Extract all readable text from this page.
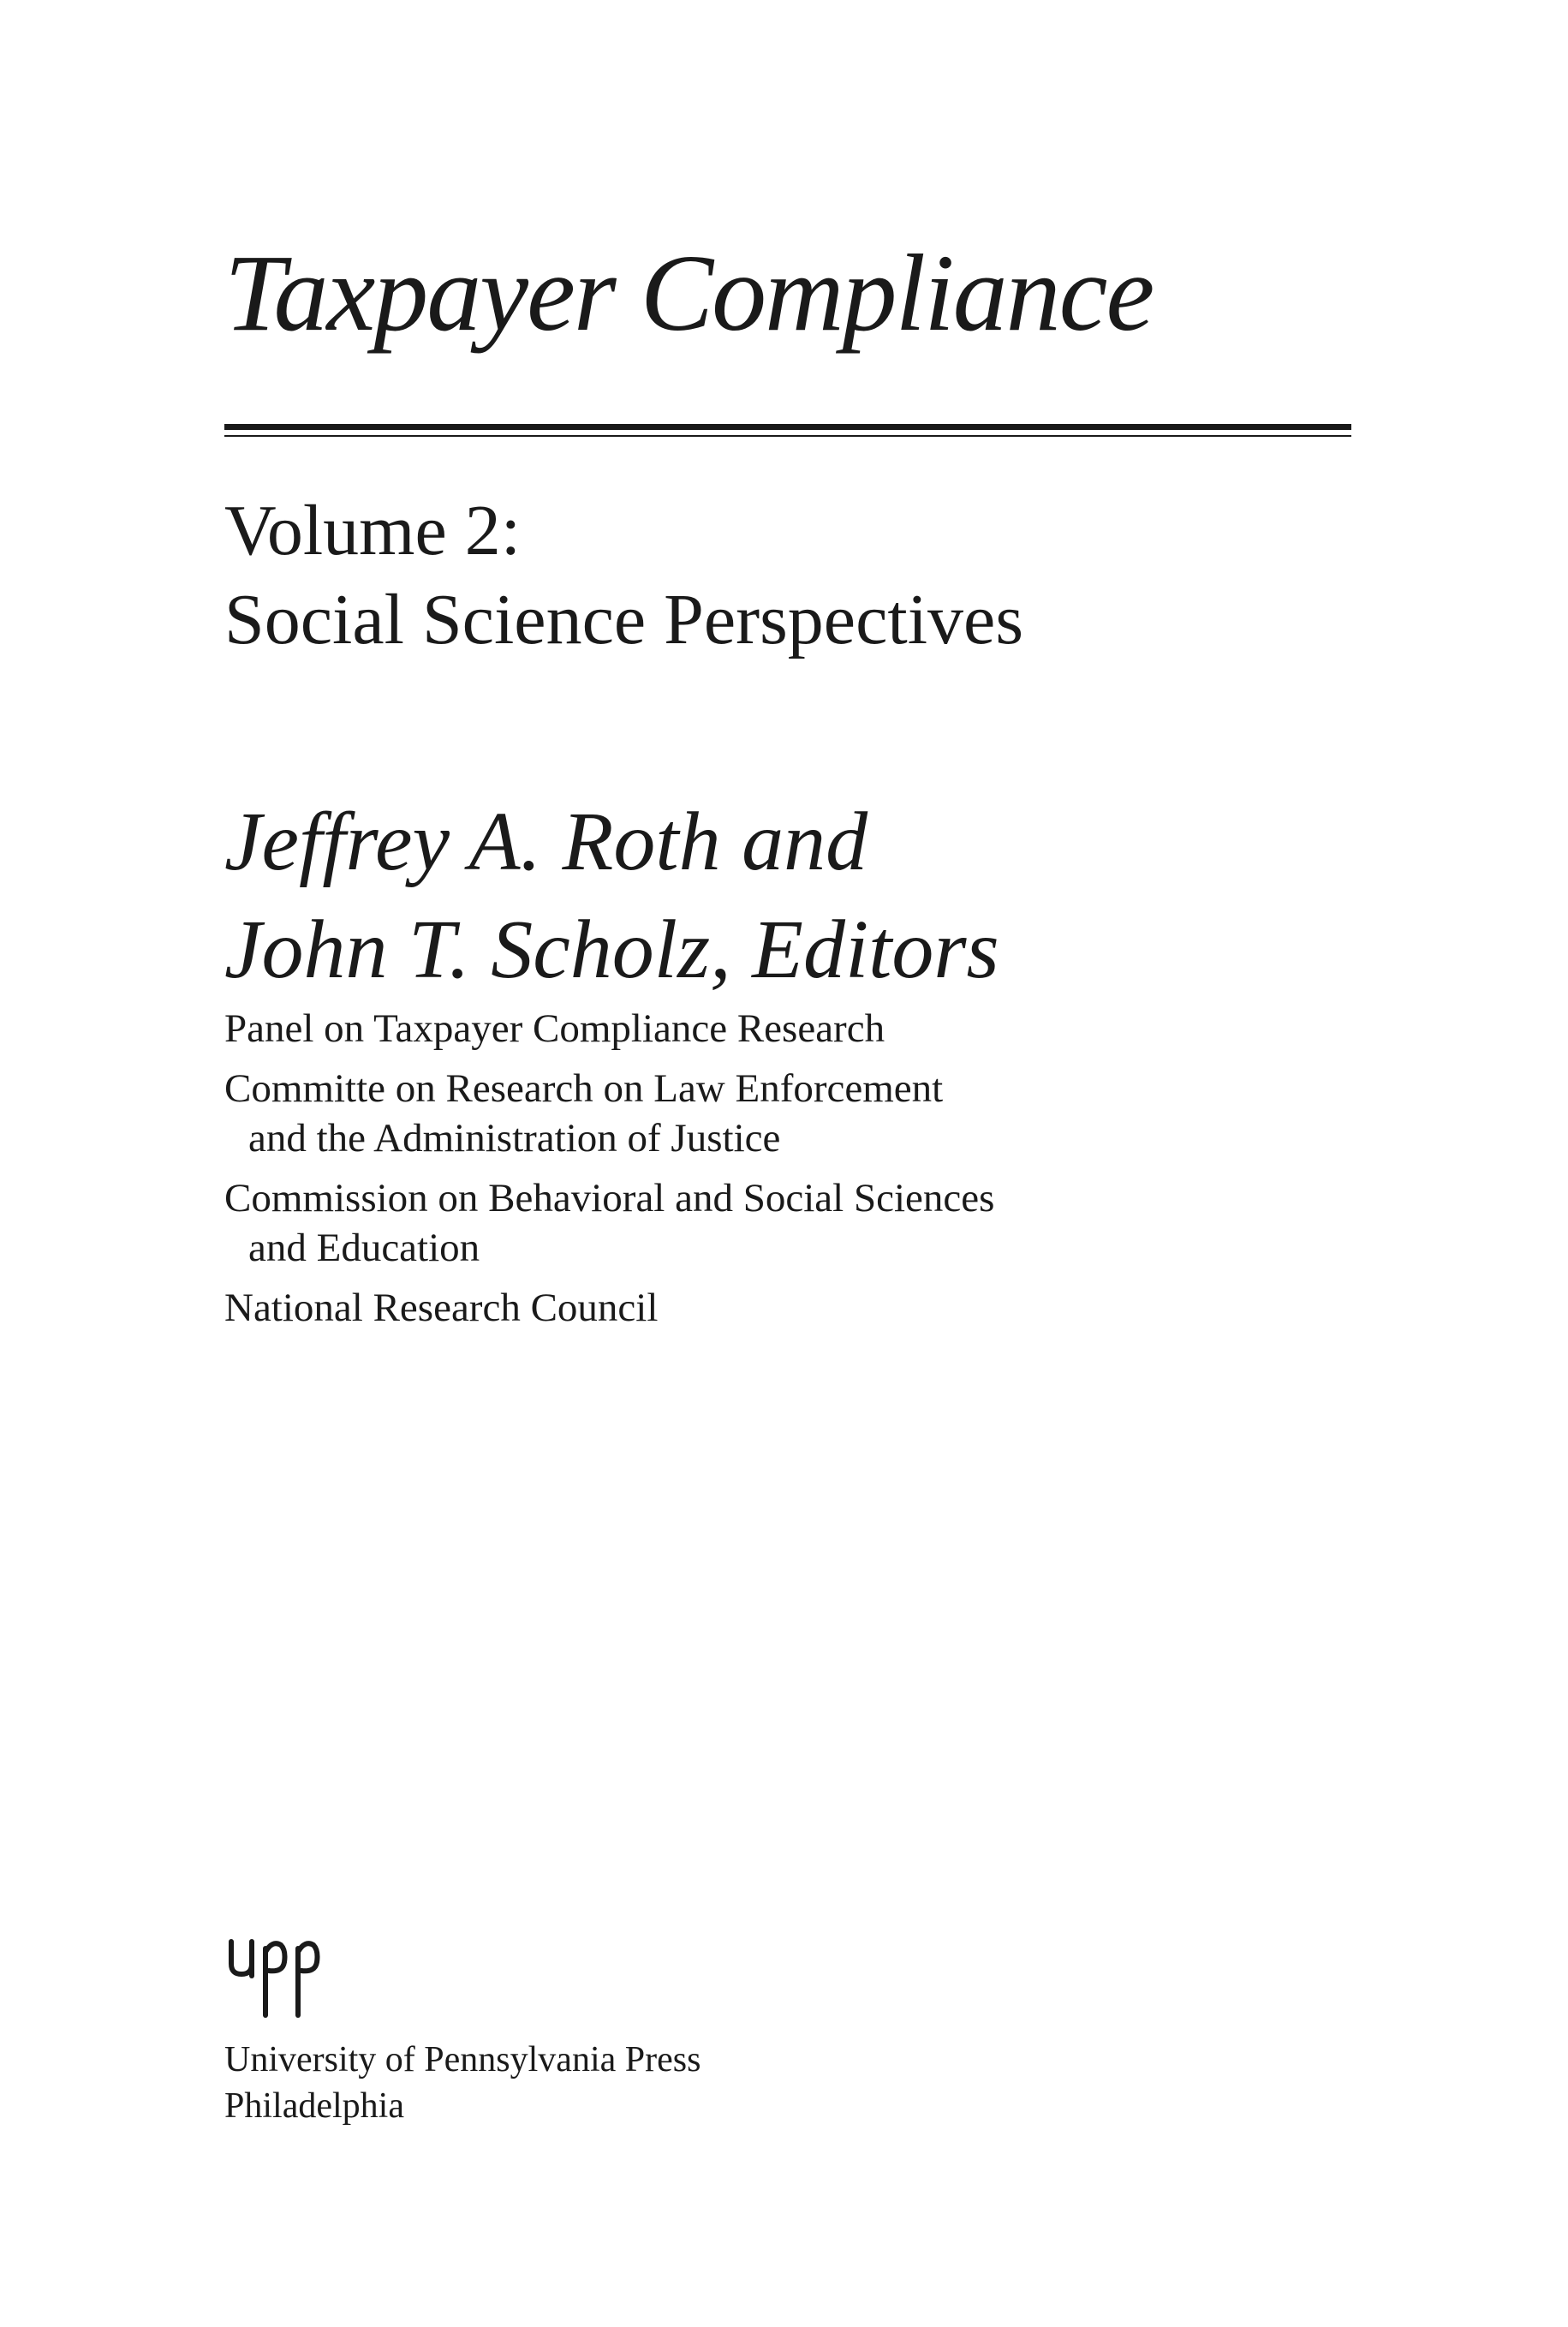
Taxpayer Compliance
Volume 2:
Social Science Perspectives
Jeffrey A. Roth and
John T. Scholz, Editors
Panel on Taxpayer Compliance Research
Committe on Research on Law Enforcement
and the Administration of Justice
Commission on Behavioral and Social Sciences
and Education
National Research Council
University of Pennsylvania Press
Philadelphia
